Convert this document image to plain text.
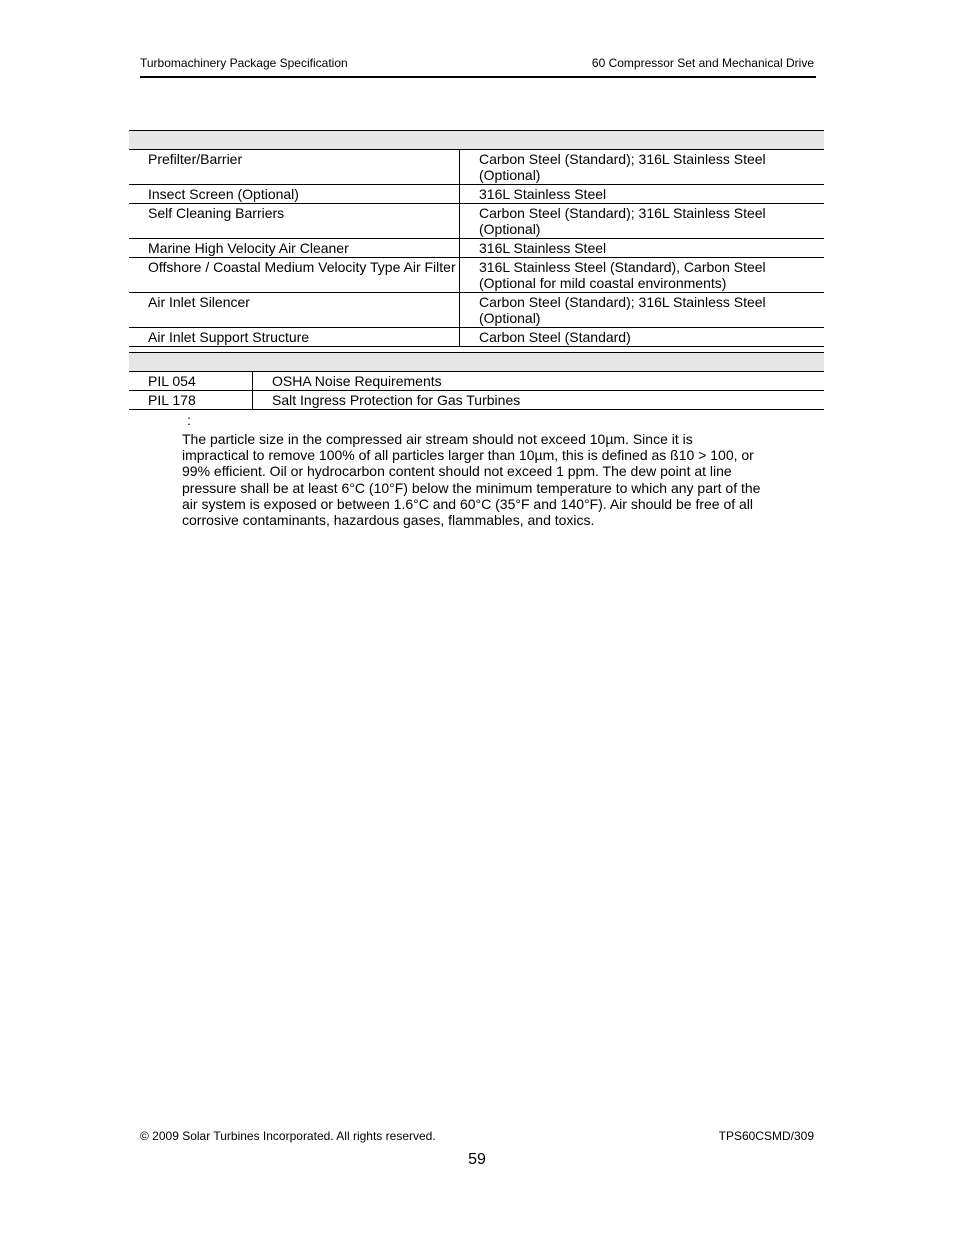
Turbomachinery Package Specification	60 Compressor Set and Mechanical Drive

Prefilter/Barrier	Carbon Steel (Standard); 316L Stainless Steel (Optional)
Insect Screen (Optional)	316L Stainless Steel
Self Cleaning Barriers	Carbon Steel (Standard); 316L Stainless Steel (Optional)
Marine High Velocity Air Cleaner	316L Stainless Steel
Offshore / Coastal Medium Velocity Type Air Filter	316L Stainless Steel (Standard), Carbon Steel (Optional for mild coastal environments)
Air Inlet Silencer	Carbon Steel (Standard); 316L Stainless Steel (Optional)
Air Inlet Support Structure	Carbon Steel (Standard)

PIL 054	OSHA Noise Requirements
PIL 178	Salt Ingress Protection for Gas Turbines
:
The particle size in the compressed air stream should not exceed 10µm. Since it is impractical to remove 100% of all particles larger than 10µm, this is defined as ß10 > 100, or 99% efficient. Oil or hydrocarbon content should not exceed 1 ppm. The dew point at line pressure shall be at least 6°C (10°F) below the minimum temperature to which any part of the air system is exposed or between 1.6°C and 60°C (35°F and 140°F). Air should be free of all corrosive contaminants, hazardous gases, flammables, and toxics.
© 2009 Solar Turbines Incorporated. All rights reserved.	TPS60CSMD/309
59
